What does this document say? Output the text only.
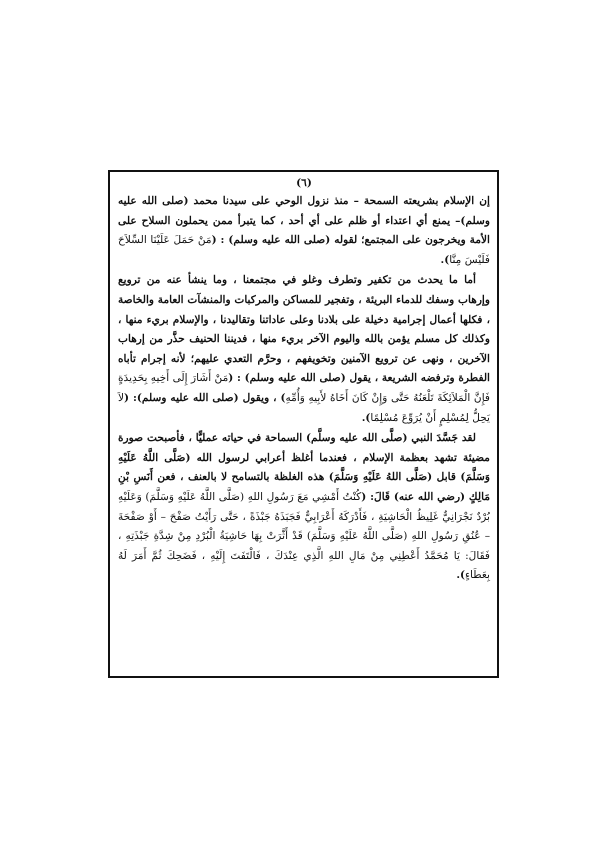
(٦)

إن الإسلام بشريعته السمحة – منذ نزول الوحي على سيدنا محمد (صلى الله عليه وسلم)– يمنع أي اعتداء أو ظلم على أي أحد ، كما يتبرأ ممن يحملون السلاح على الأمة ويخرجون على المجتمع؛ لقوله (صلى الله عليه وسلم) : (مَنْ حَمَلَ عَلَيْنَا السِّلاَحَ فَلَيْسَ مِنَّا).

أما ما يحدث من تكفير وتطرف وغلو في مجتمعنا ، وما ينشأ عنه من ترويع وإرهاب وسفك للدماء البريئة ، وتفجير للمساكن والمركبات والمنشآت العامة والخاصة ، فكلها أعمال إجرامية دخيلة على بلادنا وعلى عاداتنا وتقاليدنا ، والإسلام بريء منها ، وكذلك كل مسلم يؤمن بالله واليوم الآخر بريء منها ، فديننا الحنيف حذَّر من إرهاب الآخرين ، ونهى عن ترويع الآمنين وتخويفهم ، وحرَّم التعدي عليهم؛ لأنه إجرام تأباه الفطرة وترفضه الشريعة ، يقول (صلى الله عليه وسلم) : (مَنْ أَشَارَ إِلَى أَخِيهِ بِحَدِيدَةٍ فَإِنَّ الْمَلاَئِكَةَ تَلْعَنُهُ حَتَّى وَإِنْ كَانَ أَخَاهُ لأَبِيهِ وَأُمِّهِ) ، ويقول (صلى الله عليه وسلم): (لاَ يَحِلُّ لِمُسْلِمٍ أَنْ يُرَوِّعَ مُسْلِمًا).

لقد جَسَّدَ النبي (صلَّى الله عليه وسلَّم) السماحة في حياته عمليًّا ، فأصبحت صورة مضيئة تشهد بعظمة الإسلام ، فعندما أغلظ أعرابي لرسول الله (صَلَّى اللَّهُ عَلَيْهِ وَسَلَّمَ) قابل (صَلَّى اللهُ عَلَيْهِ وَسَلَّمَ) هذه الغلظة بالتسامح لا بالعنف ، فعن أَنَسِ بْنِ مَالِكٍ (رضي الله عنه) قَالَ: (كُنْتُ أَمْشِي مَعَ رَسُولِ اللهِ (صَلَّى اللَّهُ عَلَيْهِ وَسَلَّمَ) وَعَلَيْهِ بُرْدٌ نَجْرَانِيٌّ غَلِيظُ الْحَاشِيَةِ ، فَأَدْرَكَهُ أَعْرَابِيٌّ فَجَبَذَهُ جَبْذَةً ، حَتَّى رَأَيْتُ صَفْحَ – أَوْ صَفْحَةَ – عُنُقِ رَسُولِ اللهِ (صَلَّى اللَّهُ عَلَيْهِ وَسَلَّمَ) قَدْ أَثَّرَتْ بِهَا حَاشِيَةُ الْبُرْدِ مِنْ شِدَّةِ جَبْذَتِهِ ، فَقَالَ: يَا مُحَمَّدُ أَعْطِنِي مِنْ مَالِ اللهِ الَّذِي عِنْدَكَ ، فَالْتَفَتَ إِلَيْهِ ، فَضَحِكَ ثُمَّ أَمَرَ لَهُ بِعَطَاءٍ).
